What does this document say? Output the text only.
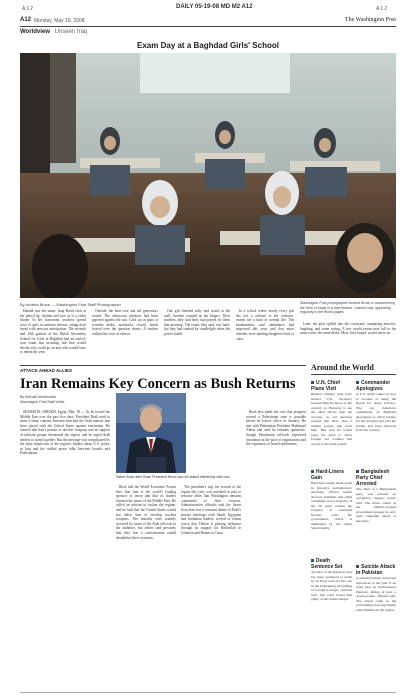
A12	DAILY 05-19-08 MD M2 A12	A12
A12 Monday, May 19, 2008	The Washington Post
Worldview Unseen Iraq
Exam Day at a Baghdad Girls' School
By Andrea Bruce — Washington Post Staff Photographer	Washington Post photographer Andrea Bruce is documenting the lives of Iraqis in a new feature, Unseen Iraq, appearing regularly in the World pages.

Hanadi was her name. Iraqi Ba'ad clear at her pencil tip, rhythm and face as if a violet bloom. In her classroom, teachers spread rows of girls in uniform dresses, eating their bread with nervous anticipation. The seventh and 10th graders at the Dijlah Secondary School for Girls in Baghdad had an end-of-year exam that morning, one that would decide who could go on and who would have to repeat the year.

Outside, the heat rose and the generators roared. The classroom windows had been papered against the sun. Girls sat in pairs at wooden desks, notebooks closed, heads bowed over the question sheets. A teacher walked the rows in silence.

One girl finished early and stared at the wall. Another counted on her fingers. Their mothers, they said later, had prayed for them that morning. The exam, they said, was hard, but they had studied by candlelight when the power failed.

In a school where nearly every girl has lost a relative to the violence, exams are a kind of normal life. The headmistress said attendance had improved this year, and that more families were sending daughters back to class.

Later, the girls spilled into the courtyard, comparing answers, laughing, and some crying. A few would return next fall to the same room, the same desks. Most, they hoped, would move on.

ATTACK AHEAD ALLIES
Iran Remains Key Concern as Bush Returns
By Michael Abramowitz
Washington Post Staff Writer
Saber Bush after Bush President Bush has not stated effectively with Iran.

SHARM EL-SHEIKH, Egypt, May 18 — As he toured the Middle East over the past five days, President Bush tried to draw a sharp contrast between Iran and the Arab nations that have joined with the United States against extremism. He warned that Iran's pursuit of nuclear weapons and its support of militant groups threatened the region, and he urged Arab leaders to stand together. But the message was complicated by the deep skepticism of the region's leaders about U.S. policy in Iraq and the stalled peace talks between Israelis and Palestinians.

Bush told the World Economic Forum here that Iran is the world's leading sponsor of terror and that its leaders threaten the peace of the Middle East. He called on nations to isolate the regime, and he said that the United States would not allow Iran to develop nuclear weapons. The remarks were warmly received by some of the Arab officials in the audience, but others said privately that they fear a confrontation would destabilize their countries.

The president's trip, his second to the region this year, was intended in part to reassure allies that Washington remains committed to their security. Administration officials said the threat from Iran was a constant theme of Bush's private meetings with Saudi, Egyptian and Jordanian leaders, several of whom worry that Tehran is gaining influence through its support for Hezbollah in Lebanon and Hamas in Gaza.

Bush also made the case that progress toward a Palestinian state is possible before he leaves office in January. He met with Palestinian President Mahmoud Abbas and said he remains optimistic, though Palestinian officials expressed frustration at the pace of negotiations and the expansion of Israeli settlements.

Around the World
U.N. Chief Plans Visit
Burma's military ruler have invited U.N. Secretary General Ban Ki-moon to the country on Thursday to see the relief efforts after the cyclone, as aid agencies warned that more than 2 million people still need help. Ban said he would press the junta to allow foreign aid workers full access to the delta region.
Hard-Liners Gain
Hard-line parties made gains in Kuwait's parliamentary elections, official results showed. Islamists and tribal candidates won a majority of the 50 seats, raising the prospect of continued friction with the government, which is dominated by the ruling Sabah family.
Death Sentence Set
A leader of Al-Qaeda in Iraq has been sentenced to death by an Iraqi court for his role in the kidnapping and killing of foreign hostages, officials said. The court found him guilty of terrorism charges.
Commander Apologizes
A U.S. Army sniper in Iraq is accused of using the Koran for target practice. The top American commander in Baghdad apologized to tribal leaders for the incident and said the soldier had been removed from the country.
Bangladesh Party Chief Arrested
The chief of a Bangladesh party was arrested on corruption charges, police said. The arrest comes as the military-backed government presses its anti-graft campaign ahead of elections.
Suicide Attack in Pakistan
A suicide bomber detonated explosives at the gate of an army base in northwestern Pakistan, killing at least a dozen people, officials said. The attack came as the government was negotiating with militants in the region.
